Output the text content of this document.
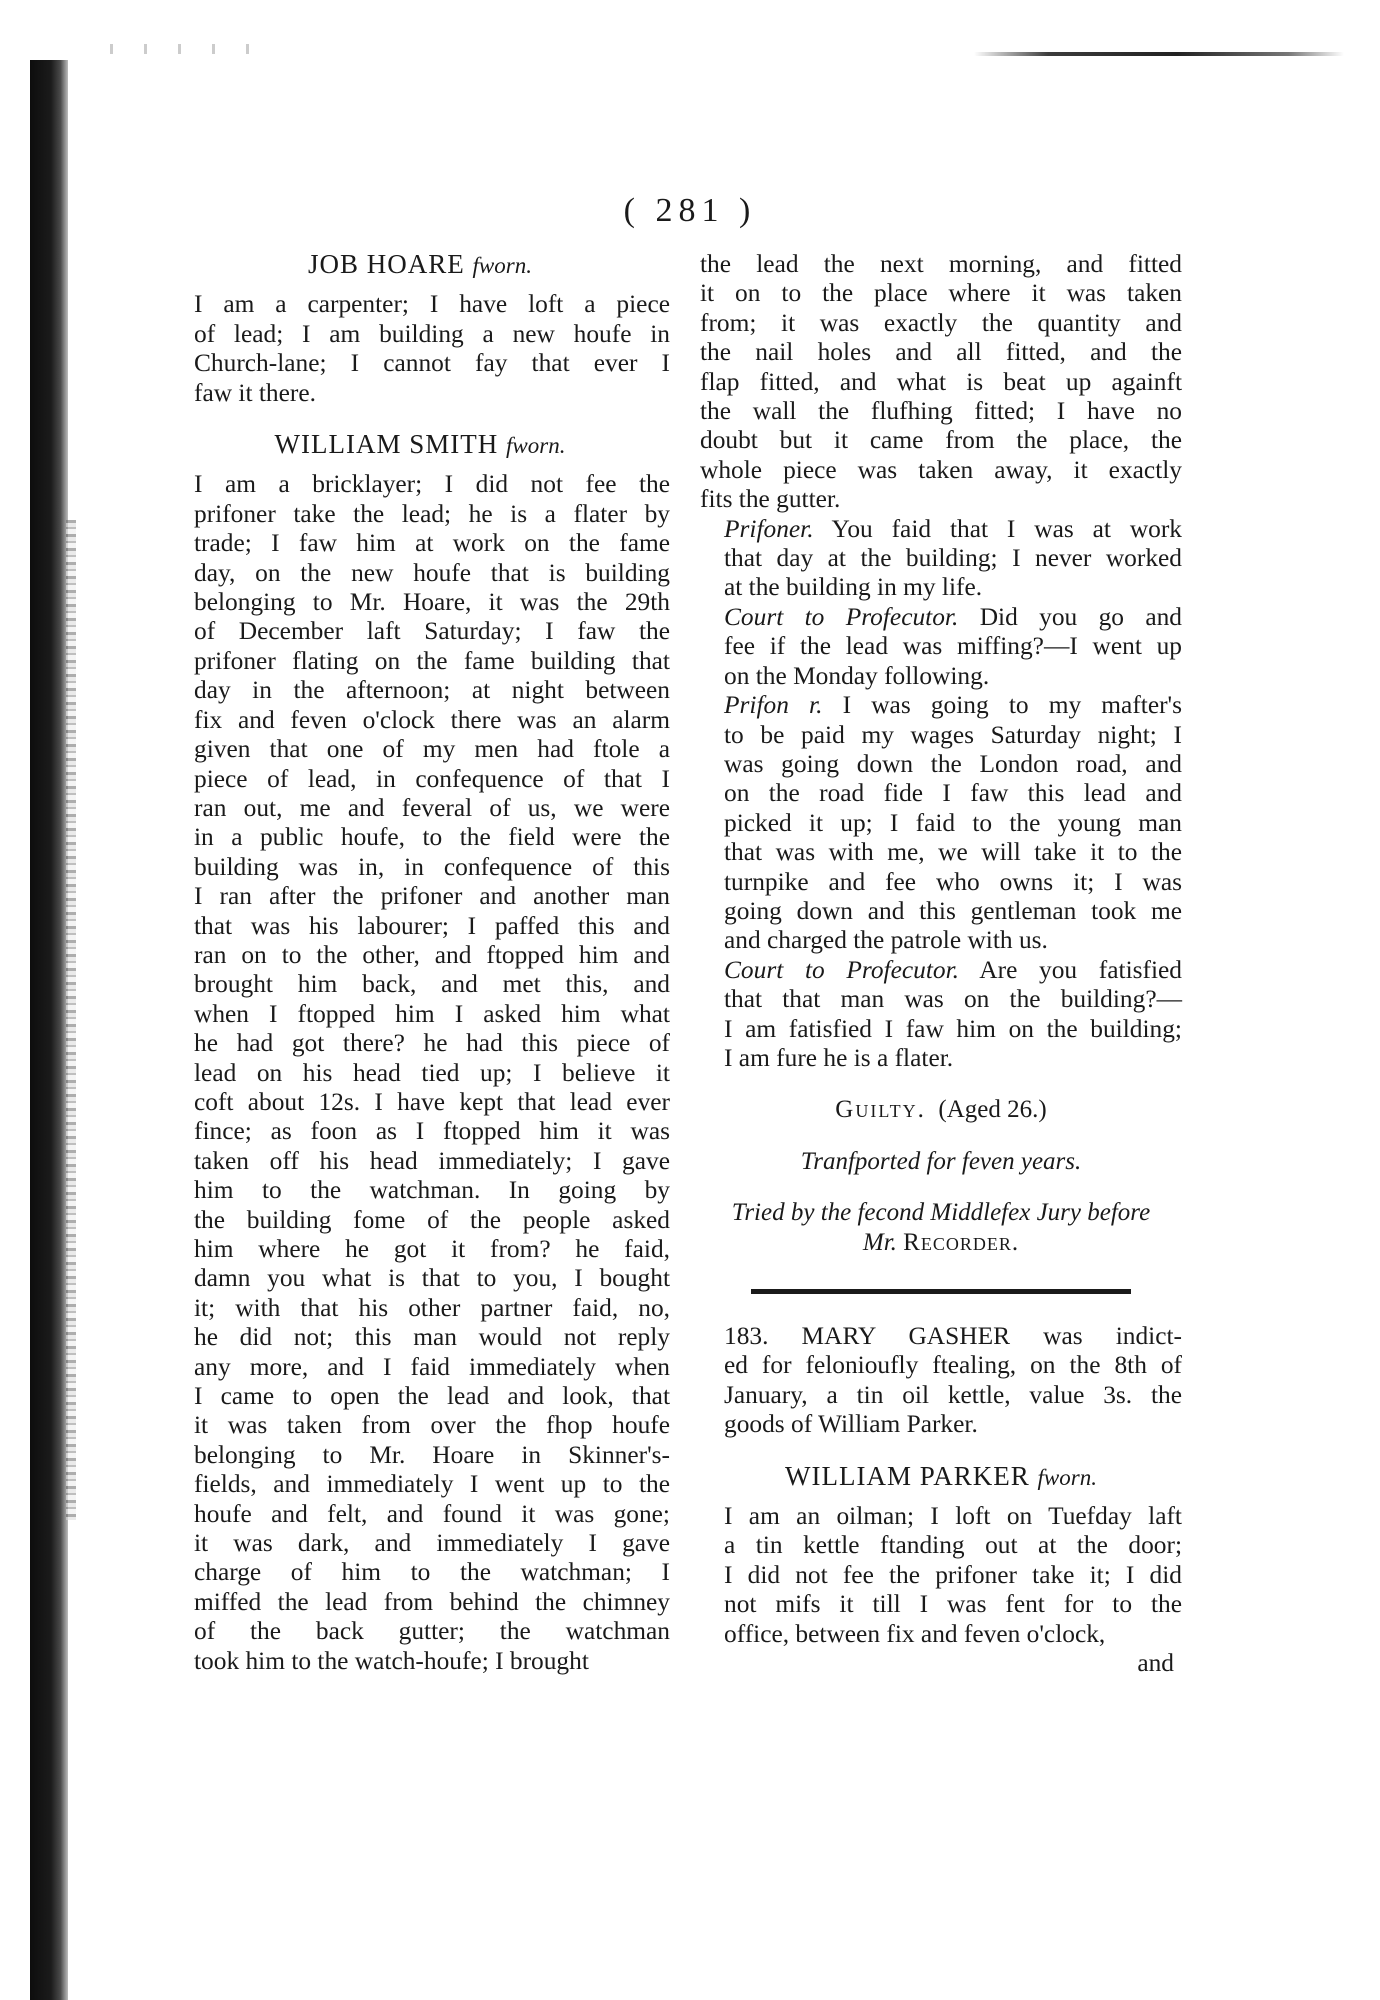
( 281 )
JOB HOARE fworn.
I am a carpenter; I have loft a piece
of lead; I am building a new houfe in
Church-lane; I cannot fay that ever I
faw it there.
WILLIAM SMITH fworn.
I am a bricklayer; I did not fee the
prifoner take the lead; he is a flater by
trade; I faw him at work on the fame
day, on the new houfe that is building
belonging to Mr. Hoare, it was the 29th
of December laft Saturday; I faw the
prifoner flating on the fame building that
day in the afternoon; at night between
fix and feven o'clock there was an alarm
given that one of my men had ftole a
piece of lead, in confequence of that I
ran out, me and feveral of us, we were
in a public houfe, to the field were the
building was in, in confequence of this
I ran after the prifoner and another man
that was his labourer; I paffed this and
ran on to the other, and ftopped him and
brought him back, and met this, and
when I ftopped him I asked him what
he had got there? he had this piece of
lead on his head tied up; I believe it
coft about 12s. I have kept that lead ever
fince; as foon as I ftopped him it was
taken off his head immediately; I gave
him to the watchman. In going by
the building fome of the people asked
him where he got it from? he faid,
damn you what is that to you, I bought
it; with that his other partner faid, no,
he did not; this man would not reply
any more, and I faid immediately when
I came to open the lead and look, that
it was taken from over the fhop houfe
belonging to Mr. Hoare in Skinner's-
fields, and immediately I went up to the
houfe and felt, and found it was gone;
it was dark, and immediately I gave
charge of him to the watchman; I
miffed the lead from behind the chimney
of the back gutter; the watchman
took him to the watch-houfe; I brought
the lead the next morning, and fitted
it on to the place where it was taken
from; it was exactly the quantity and
the nail holes and all fitted, and the
flap fitted, and what is beat up againft
the wall the flufhing fitted; I have no
doubt but it came from the place, the
whole piece was taken away, it exactly
fits the gutter.
Prifoner. You faid that I was at work
that day at the building; I never worked
at the building in my life.
Court to Profecutor. Did you go and
fee if the lead was miffing?—I went up
on the Monday following.
Prifon r. I was going to my mafter's
to be paid my wages Saturday night; I
was going down the London road, and
on the road fide I faw this lead and
picked it up; I faid to the young man
that was with me, we will take it to the
turnpike and fee who owns it; I was
going down and this gentleman took me
and charged the patrole with us.
Court to Profecutor. Are you fatisfied
that that man was on the building?—
I am fatisfied I faw him on the building;
I am fure he is a flater.
Guilty. (Aged 26.)
Tranfported for feven years.
Tried by the fecond Middlefex Jury before
Mr. Recorder.
183. MARY GASHER was indict-
ed for felonioufly ftealing, on the 8th of
January, a tin oil kettle, value 3s. the
goods of William Parker.
WILLIAM PARKER fworn.
I am an oilman; I loft on Tuefday laft
a tin kettle ftanding out at the door;
I did not fee the prifoner take it; I did
not mifs it till I was fent for to the
office, between fix and feven o'clock,
and
